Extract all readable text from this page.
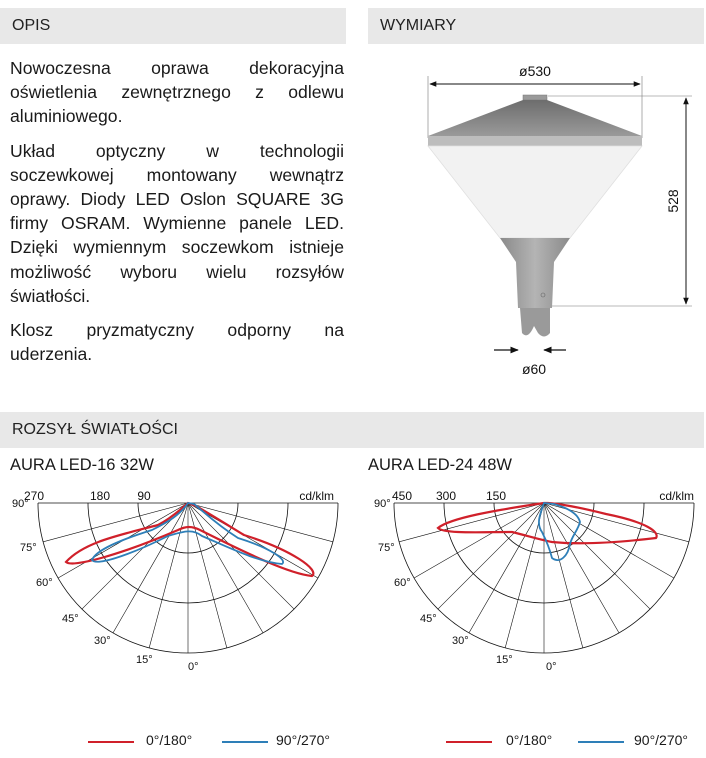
OPIS	WYMIARY
ROZSYŁ ŚWIATŁOŚCI

Nowoczesna oprawa dekoracyjna oświetlenia zewnętrznego z odlewu aluminiowego.

Układ optyczny w technologii soczewkowej montowany wewnątrz oprawy. Diody LED Oslon SQUARE 3G firmy OSRAM. Wymienne panele LED. Dzięki wymiennym soczewkom istnieje możliwość wyboru wielu rozsyłów światłości.

Klosz pryzmatyczny odporny na uderzenia.

ø530
528
ø60
AURA LED-16 32W	AURA LED-24 48W
cd/klm
270	180 90
90°
75°
60°
45°
30°
15°
0°
cd/klm
450 300 150
90°
75°
60°
45°
30°
15°
0°
0°/180°	90°/270°	0°/180°	90°/270°
